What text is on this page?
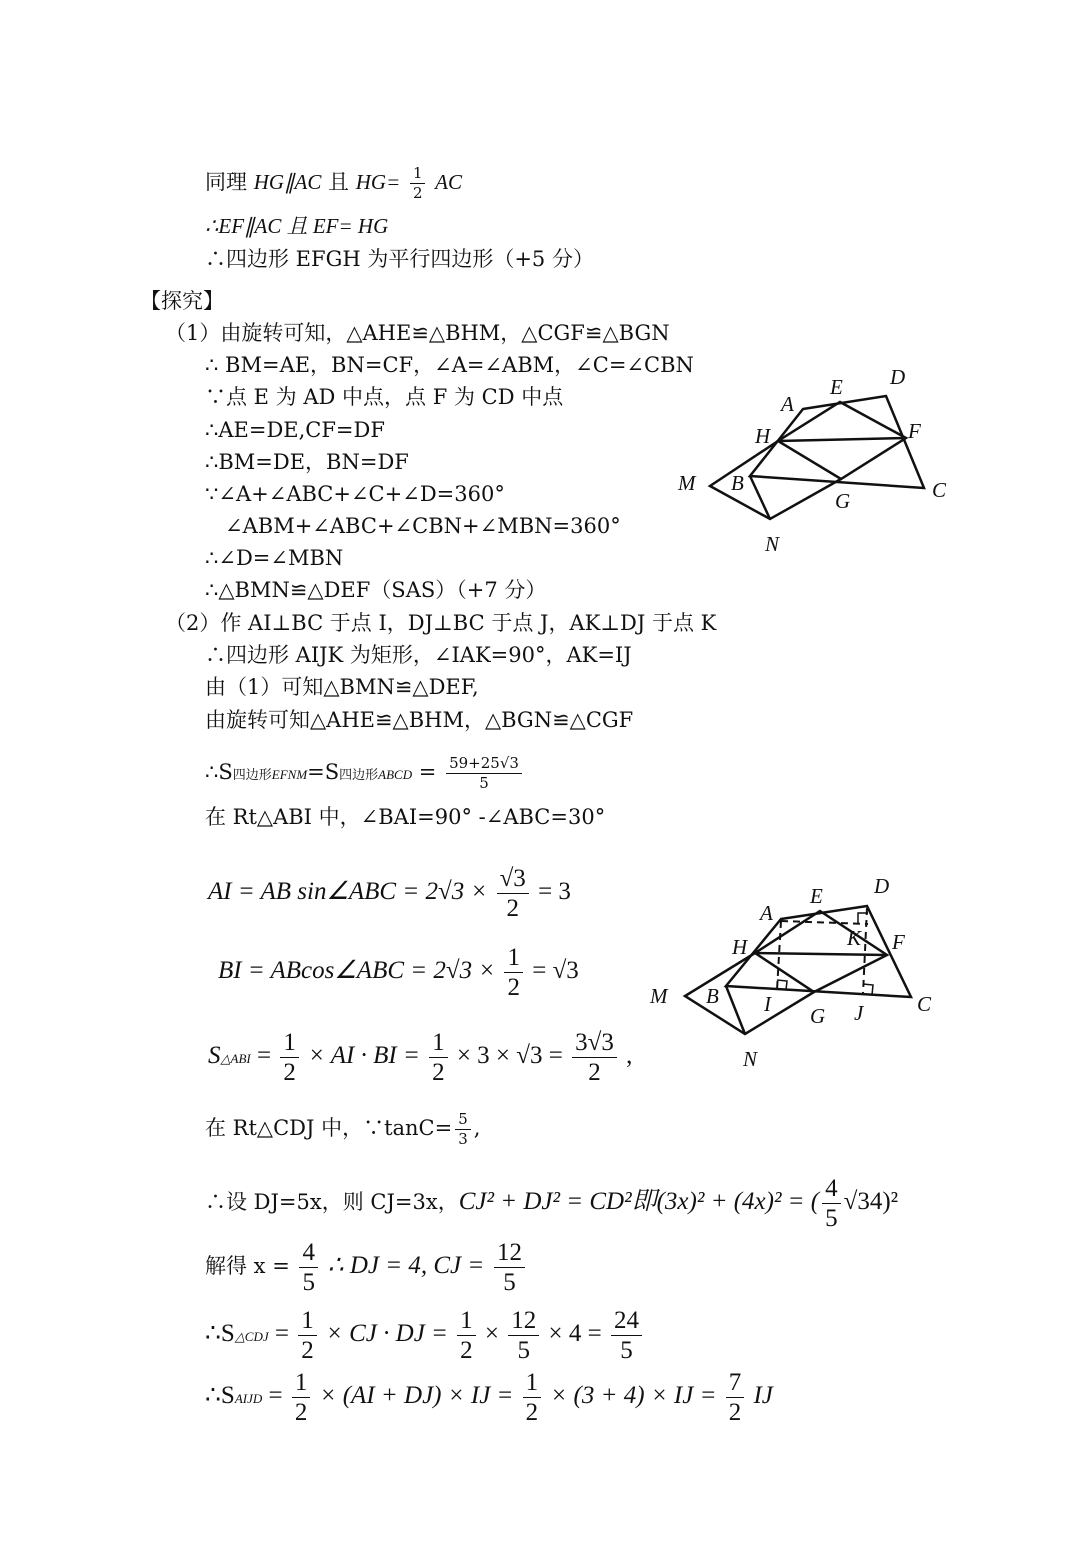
同理 HG∥AC 且 $HG= \frac{1}{2}$ AC
∴EF∥AC 且 EF= HG
∴四边形 EFGH 为平行四边形（+5 分）
【探究】
（1）由旋转可知，△AHE≌△BHM，△CGF≌△BGN
∴ BM=AE，BN=CF，∠A=∠ABM，∠C=∠CBN
∵点 E 为 AD 中点，点 F 为 CD 中点
∴AE=DE,CF=DF
∴BM=DE，BN=DF
∵∠A+∠ABC+∠C+∠D=360°
∠ABM+∠ABC+∠CBN+∠MBN=360°
∴∠D=∠MBN
∴△BMN≌△DEF（SAS）（+7 分）
（2）作 AI⊥BC 于点 I，DJ⊥BC 于点 J，AK⊥DJ 于点 K
∴四边形 AIJK 为矩形，∠IAK=90°，AK=IJ
由（1）可知△BMN≌△DEF,
由旋转可知△AHE≌△BHM，△BGN≌△CGF
∴S四边形EFNM=S四边形ABCD = $\frac{59+25√3}{5}$
在 Rt△ABI 中，∠BAI=90° -∠ABC=30°
AI = AB sin∠ABC = $2√3 \times \frac{√3}{2} = 3$
BI = ABcos∠ABC = $2√3 \times \frac{1}{2} = √3$
S△ABI = $\frac{1}{2}$ × AI · BI = $\frac{1}{2} \times 3 \times √3 = \frac{3√3}{2}$ ,
在 Rt△CDJ 中，∵tanC= $\frac{5}{3}$ ,
∴设 DJ=5x，则 CJ=3x，CJ² + DJ² = CD²即(3x)² + (4x)² = ( $\frac{4}{5} √34)^2$
解得 $x = \frac{4}{5}$ ∴ DJ = 4, CJ = $\frac{12}{5}$
∴S△CDJ = $\frac{1}{2}$ × CJ · DJ = $\frac{1}{2} \times \frac{12}{5} \times 4 = \frac{24}{5}$
∴SAIJD = $\frac{1}{2} \times (AI + DJ)$ × IJ = $\frac{1}{2} \times (3 + 4)$ × IJ = $\frac{7}{2}$ IJ
A
E D
H	F
M B
G	C
N
A
E D
H	K F
M B I G J	C
N
